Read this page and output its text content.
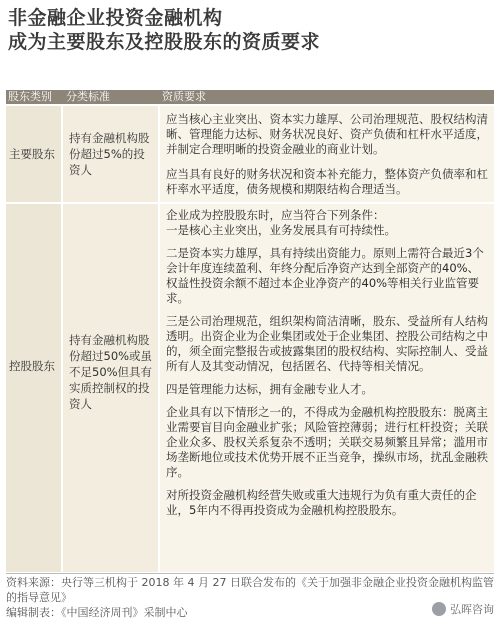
非金融企业投资金融机构
成为主要股东及控股股东的资质要求
股东类别 分类标准	资质要求
主要股东
持有金融机构股份超过5%的投资人

应当核心主业突出、资本实力雄厚、公司治理规范、股权结构清晰、管理能力达标、财务状况良好、资产负债和杠杆水平适度，并制定合理明晰的投资金融业的商业计划。

应当具有良好的财务状况和资本补充能力，整体资产负债率和杠杆率水平适度，债务规模和期限结构合理适当。

控股股东
持有金融机构股份超过50%或虽不足50%但具有实质控制权的投资人

企业成为控股股东时，应当符合下列条件：
一是核心主业突出，业务发展具有可持续性。

二是资本实力雄厚，具有持续出资能力。原则上需符合最近3个会计年度连续盈利、年终分配后净资产达到全部资产的40%、权益性投资余额不超过本企业净资产的40%等相关行业监管要求。

三是公司治理规范，组织架构简洁清晰，股东、受益所有人结构透明。出资企业为企业集团或处于企业集团、控股公司结构之中的，须全面完整报告或披露集团的股权结构、实际控制人、受益所有人及其变动情况，包括匿名、代持等相关情况。

四是管理能力达标，拥有金融专业人才。

企业具有以下情形之一的，不得成为金融机构控股股东：脱离主业需要盲目向金融业扩张；风险管控薄弱；进行杠杆投资；关联企业众多、股权关系复杂不透明；关联交易频繁且异常；滥用市场垄断地位或技术优势开展不正当竞争，操纵市场，扰乱金融秩序。

对所投资金融机构经营失败或重大违规行为负有重大责任的企业，5年内不得再投资成为金融机构控股股东。

资料来源：央行等三机构于 2018 年 4 月 27 日联合发布的《关于加强非金融企业投资金融机构监管的指导意见》
编辑制表：《中国经济周刊》采制中心	弘晖咨询
